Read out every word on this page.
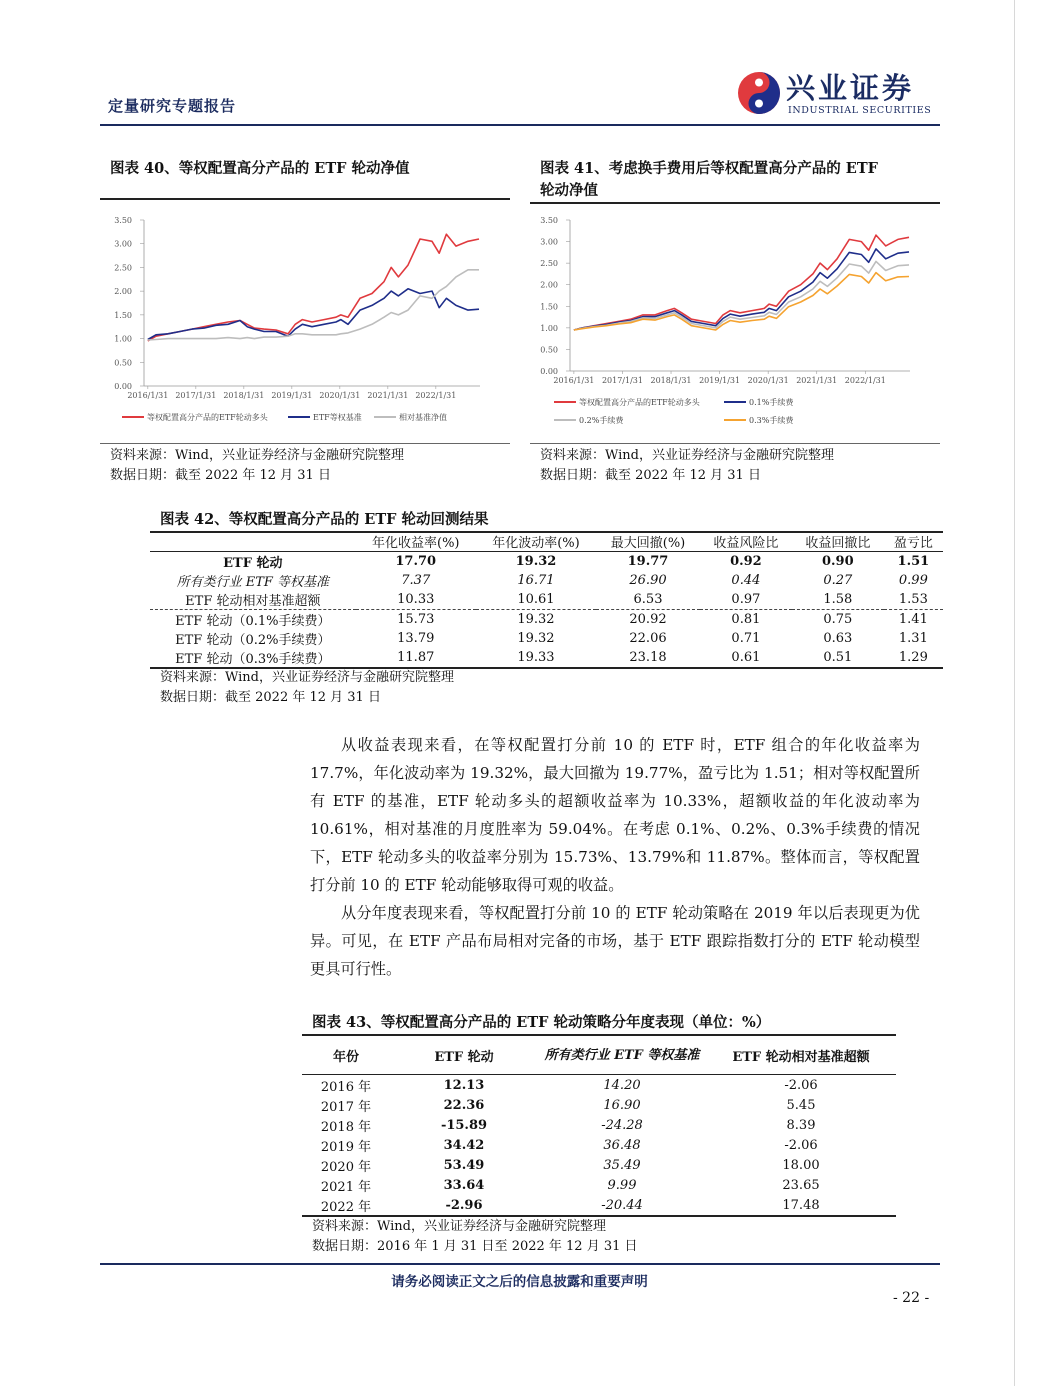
定量研究专题报告
兴业证券
INDUSTRIAL SECURITIES
图表 40、等权配置高分产品的 ETF 轮动净值
0.00
0.50
1.00
1.50
2.00
2.50
3.00
3.50
2016/1/31 2017/1/31 2018/1/31 2019/1/31 2020/1/31 2021/1/31 2022/1/31
等权配置高分产品的ETF轮动多头	ETF等权基准	相对基准净值
资料来源：Wind，兴业证券经济与金融研究院整理
数据日期：截至 2022 年 12 月 31 日
图表 41、考虑换手费用后等权配置高分产品的 ETF
轮动净值
0.00
0.50
1.00
1.50
2.00
2.50
3.00
3.50
2016/1/31 2017/1/31 2018/1/31 2019/1/31 2020/1/31 2021/1/31 2022/1/31
等权配置高分产品的ETF轮动多头	0.1%手续费
0.2%手续费	0.3%手续费
资料来源：Wind，兴业证券经济与金融研究院整理
数据日期：截至 2022 年 12 月 31 日
图表 42、等权配置高分产品的 ETF 轮动回测结果
	年化收益率(%)	年化波动率(%)	最大回撤(%)	收益风险比	收益回撤比	盈亏比
ETF 轮动	17.70	19.32	19.77	0.92	0.90	1.51
所有类行业 ETF 等权基准	7.37	16.71	26.90	0.44	0.27	0.99
ETF 轮动相对基准超额	10.33	10.61	6.53	0.97	1.58	1.53
ETF 轮动（0.1%手续费）	15.73	19.32	20.92	0.81	0.75	1.41
ETF 轮动（0.2%手续费）	13.79	19.32	22.06	0.71	0.63	1.31
ETF 轮动（0.3%手续费）	11.87	19.33	23.18	0.61	0.51	1.29
资料来源：Wind，兴业证券经济与金融研究院整理
数据日期：截至 2022 年 12 月 31 日
从收益表现来看，在等权配置打分前 10 的 ETF 时，ETF 组合的年化收益率为 17.7%，年化波动率为 19.32%，最大回撤为 19.77%，盈亏比为 1.51；相对等权配置所有 ETF 的基准，ETF 轮动多头的超额收益率为 10.33%，超额收益的年化波动率为 10.61%，相对基准的月度胜率为 59.04%。在考虑 0.1%、0.2%、0.3%手续费的情况下，ETF 轮动多头的收益率分别为 15.73%、13.79%和 11.87%。整体而言，等权配置打分前 10 的 ETF 轮动能够取得可观的收益。
从分年度表现来看，等权配置打分前 10 的 ETF 轮动策略在 2019 年以后表现更为优异。可见，在 ETF 产品布局相对完备的市场，基于 ETF 跟踪指数打分的 ETF 轮动模型更具可行性。
图表 43、等权配置高分产品的 ETF 轮动策略分年度表现（单位：%）
年份	ETF 轮动	所有类行业 ETF 等权基准	ETF 轮动相对基准超额
2016 年	12.13	14.20	-2.06
2017 年	22.36	16.90	5.45
2018 年	-15.89	-24.28	8.39
2019 年	34.42	36.48	-2.06
2020 年	53.49	35.49	18.00
2021 年	33.64	9.99	23.65
2022 年	-2.96	-20.44	17.48
资料来源：Wind，兴业证券经济与金融研究院整理
数据日期：2016 年 1 月 31 日至 2022 年 12 月 31 日
请务必阅读正文之后的信息披露和重要声明
- 22 -
